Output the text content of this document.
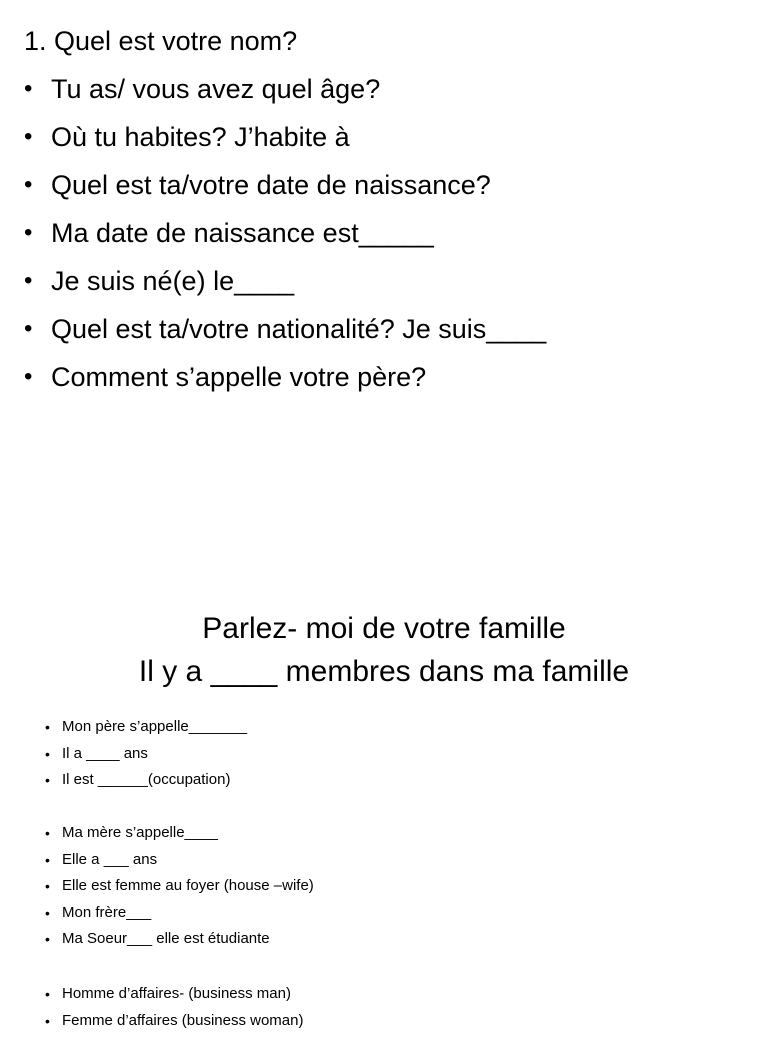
1. Quel est votre nom?
• Tu as/ vous avez quel âge?
• Où tu habites? J’habite à
• Quel est ta/votre date de naissance?
• Ma date de naissance est_____
• Je suis né(e) le____
• Quel est ta/votre nationalité? Je suis____
• Comment s’appelle votre père?
Parlez- moi de votre famille
Il y a ____ membres dans ma famille
• Mon père s’appelle_______
• Il a ____ ans
• Il est ______(occupation)
• Ma mère s’appelle____
• Elle a ___ ans
• Elle est femme au foyer (house –wife)
• Mon frère___
• Ma Soeur___ elle est étudiante
• Homme d’affaires- (business man)
• Femme d’affaires (business woman)
